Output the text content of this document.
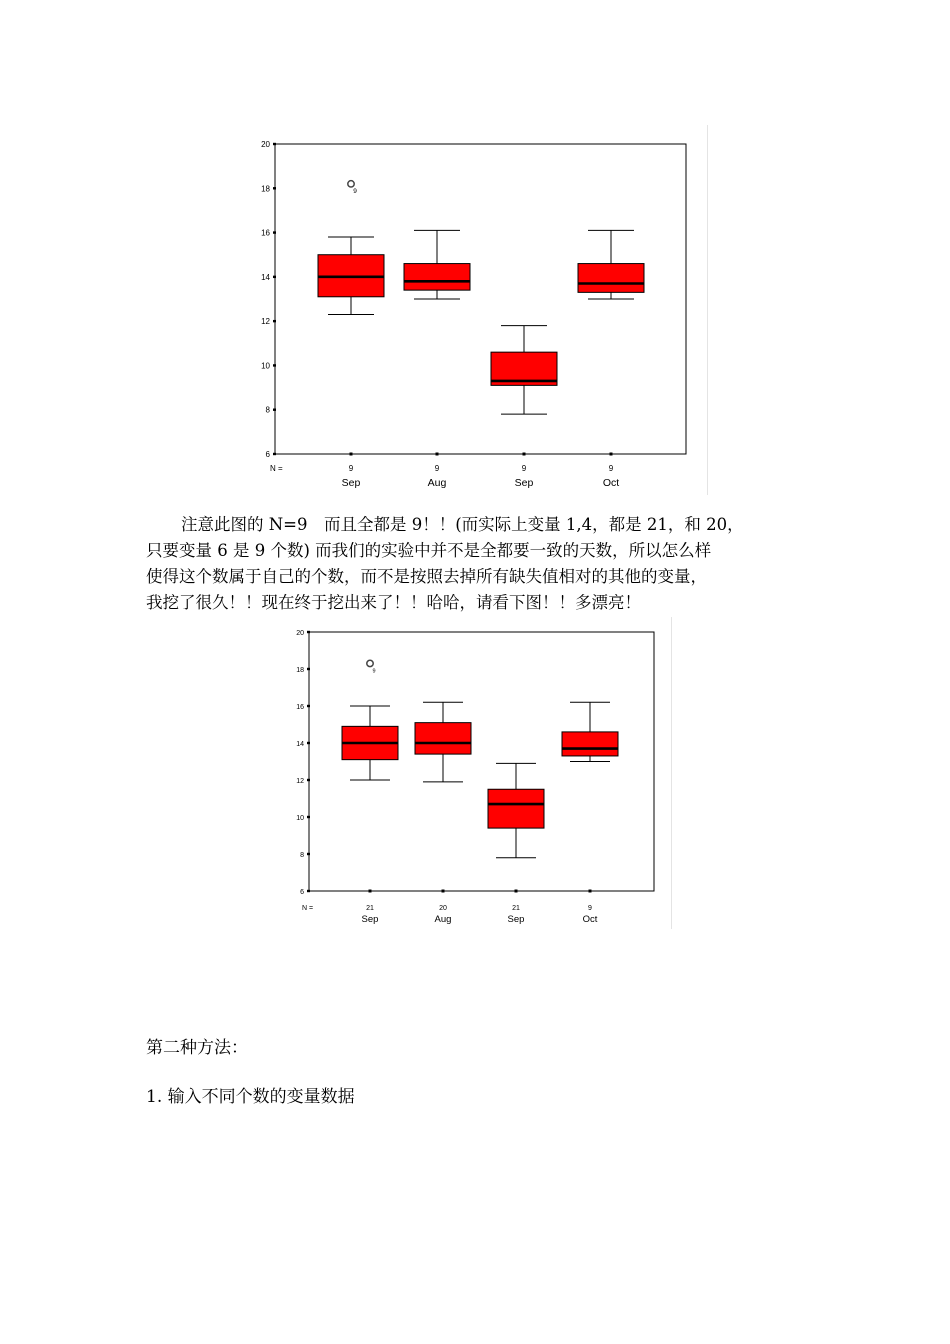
6
8
10
12
14
16
18
20
9
Sep
9
Aug
9
Sep
9
Oct
N =
9

注意此图的 N=9　而且全都是 9！！(而实际上变量 1,4，都是 21，和 20，

只要变量 6 是 9 个数) 而我们的实验中并不是全都要一致的天数，所以怎么样

使得这个数属于自己的个数，而不是按照去掉所有缺失值相对的其他的变量，

我挖了很久！！现在终于挖出来了！！哈哈，请看下图！！多漂亮！

6
8
10
12
14
16
18
20
21
Sep
20
Aug
21
Sep
9
Oct
N =
9

第二种方法：

1. 输入不同个数的变量数据
